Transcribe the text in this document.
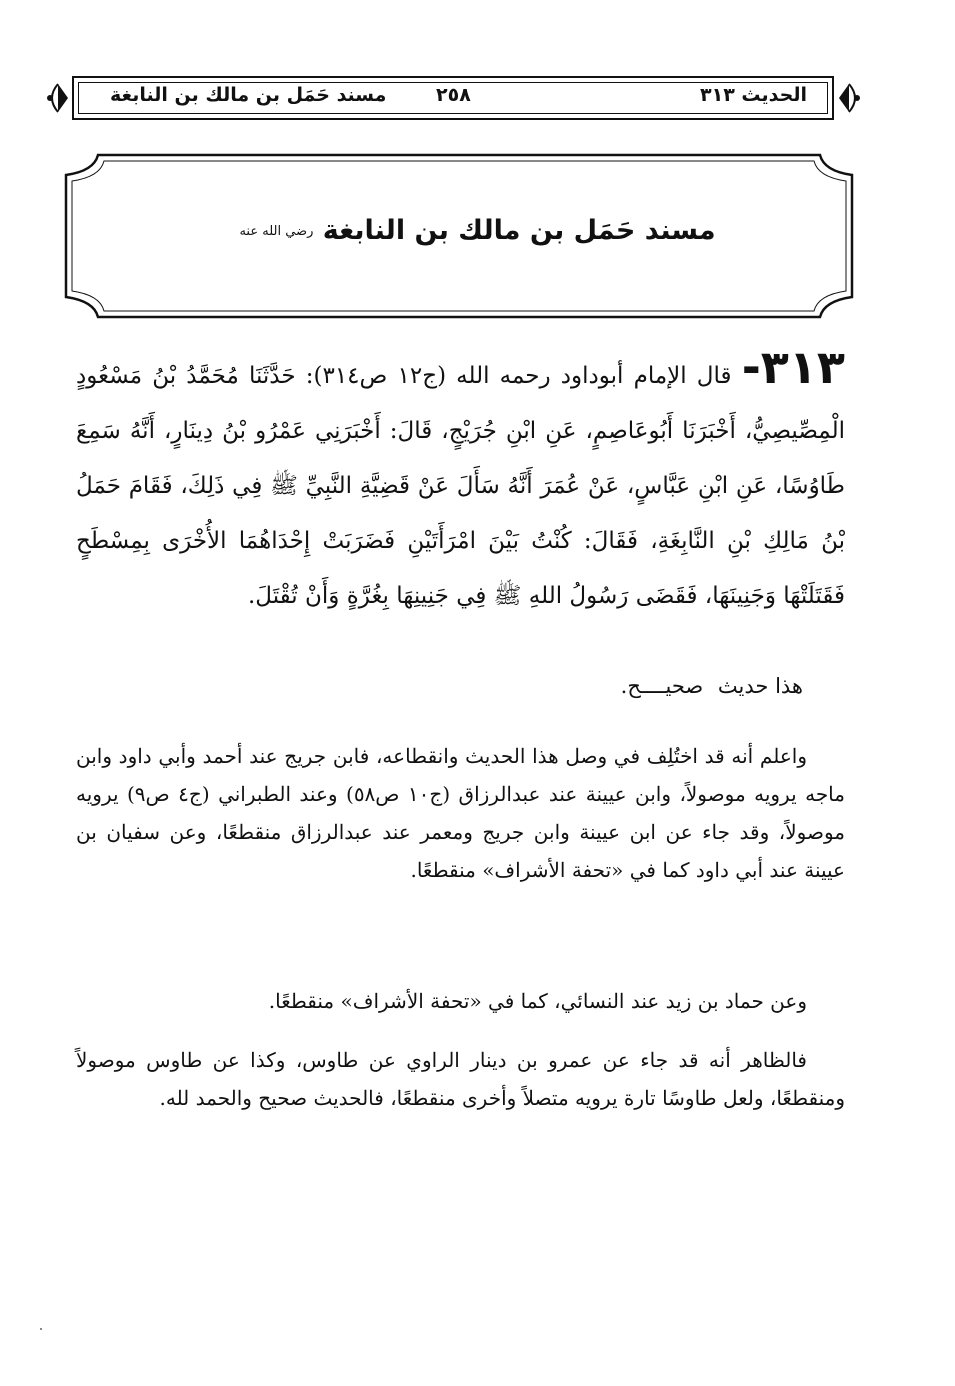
الحديث ٣١٣
٢٥٨
مسند حَمَل بن مالك بن النابغة
مسند حَمَل بن مالك بن النابغة رضي الله عنه
٣١٣- قال الإمام أبوداود رحمه الله (ج١٢ ص٣١٤): حَدَّثَنَا مُحَمَّدُ بْنُ مَسْعُودٍ الْمِصِّيصِيُّ، أَخْبَرَنَا أَبُوعَاصِمٍ، عَنِ ابْنِ جُرَيْجٍ، قَالَ: أَخْبَرَنِي عَمْرُو بْنُ دِينَارٍ، أَنَّهُ سَمِعَ طَاوُسًا، عَنِ ابْنِ عَبَّاسٍ، عَنْ عُمَرَ أَنَّهُ سَأَلَ عَنْ قَضِيَّةِ النَّبِيِّ ﷺ فِي ذَلِكَ، فَقَامَ حَمَلُ بْنُ مَالِكِ بْنِ النَّابِغَةِ، فَقَالَ: كُنْتُ بَيْنَ امْرَأَتَيْنِ فَضَرَبَتْ إِحْدَاهُمَا الأُخْرَى بِمِسْطَحٍ فَقَتَلَتْهَا وَجَنِينَهَا، فَقَضَى رَسُولُ اللهِ ﷺ فِي جَنِينِهَا بِغُرَّةٍ وَأَنْ تُقْتَلَ.
هذا حديث صحيــــح.

واعلم أنه قد اختُلِف في وصل هذا الحديث وانقطاعه، فابن جريج عند أحمد وأبي داود وابن ماجه يرويه موصولاً، وابن عيينة عند عبدالرزاق (ج١٠ ص٥٨) وعند الطبراني (ج٤ ص٩) يرويه موصولاً، وقد جاء عن ابن عيينة وابن جريج ومعمر عند عبدالرزاق منقطعًا، وعن سفيان بن عيينة عند أبي داود كما في «تحفة الأشراف» منقطعًا.

وعن حماد بن زيد عند النسائي، كما في «تحفة الأشراف» منقطعًا.

فالظاهر أنه قد جاء عن عمرو بن دينار الراوي عن طاوس، وكذا عن طاوس موصولاً ومنقطعًا، ولعل طاوسًا تارة يرويه متصلاً وأخرى منقطعًا، فالحديث صحيح والحمد لله.
